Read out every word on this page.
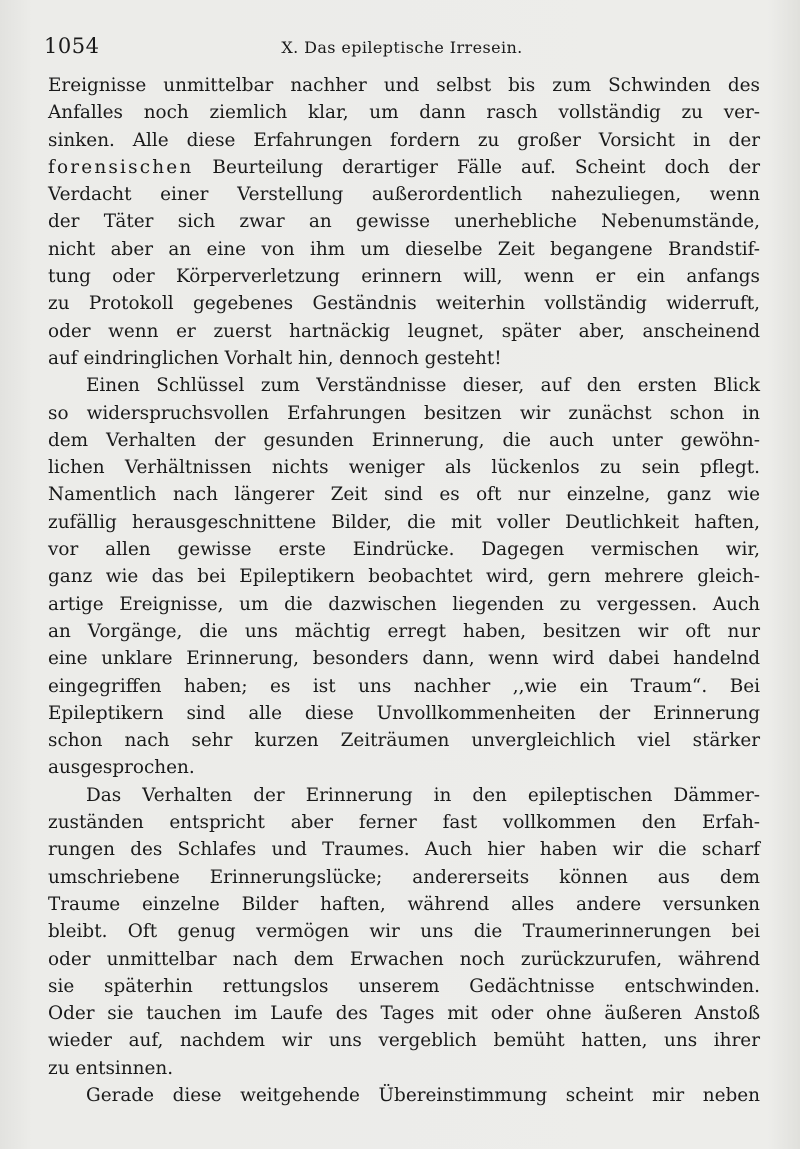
1054	X. Das epileptische Irresein.
Ereignisse unmittelbar nachher und selbst bis zum Schwinden des
Anfalles noch ziemlich klar, um dann rasch vollständig zu ver-
sinken. Alle diese Erfahrungen fordern zu großer Vorsicht in der
forensischen Beurteilung derartiger Fälle auf. Scheint doch der
Verdacht einer Verstellung außerordentlich nahezuliegen, wenn
der Täter sich zwar an gewisse unerhebliche Nebenumstände,
nicht aber an eine von ihm um dieselbe Zeit begangene Brandstif-
tung oder Körperverletzung erinnern will, wenn er ein anfangs
zu Protokoll gegebenes Geständnis weiterhin vollständig widerruft,
oder wenn er zuerst hartnäckig leugnet, später aber, anscheinend
auf eindringlichen Vorhalt hin, dennoch gesteht!
Einen Schlüssel zum Verständnisse dieser, auf den ersten Blick
so widerspruchsvollen Erfahrungen besitzen wir zunächst schon in
dem Verhalten der gesunden Erinnerung, die auch unter gewöhn-
lichen Verhältnissen nichts weniger als lückenlos zu sein pflegt.
Namentlich nach längerer Zeit sind es oft nur einzelne, ganz wie
zufällig herausgeschnittene Bilder, die mit voller Deutlichkeit haften,
vor allen gewisse erste Eindrücke. Dagegen vermischen wir,
ganz wie das bei Epileptikern beobachtet wird, gern mehrere gleich-
artige Ereignisse, um die dazwischen liegenden zu vergessen. Auch
an Vorgänge, die uns mächtig erregt haben, besitzen wir oft nur
eine unklare Erinnerung, besonders dann, wenn wird dabei handelnd
eingegriffen haben; es ist uns nachher ,,wie ein Traum“. Bei
Epileptikern sind alle diese Unvollkommenheiten der Erinnerung
schon nach sehr kurzen Zeiträumen unvergleichlich viel stärker
ausgesprochen.
Das Verhalten der Erinnerung in den epileptischen Dämmer-
zuständen entspricht aber ferner fast vollkommen den Erfah-
rungen des Schlafes und Traumes. Auch hier haben wir die scharf
umschriebene Erinnerungslücke; andererseits können aus dem
Traume einzelne Bilder haften, während alles andere versunken
bleibt. Oft genug vermögen wir uns die Traumerinnerungen bei
oder unmittelbar nach dem Erwachen noch zurückzurufen, während
sie späterhin rettungslos unserem Gedächtnisse entschwinden.
Oder sie tauchen im Laufe des Tages mit oder ohne äußeren Anstoß
wieder auf, nachdem wir uns vergeblich bemüht hatten, uns ihrer
zu entsinnen.
Gerade diese weitgehende Übereinstimmung scheint mir neben
